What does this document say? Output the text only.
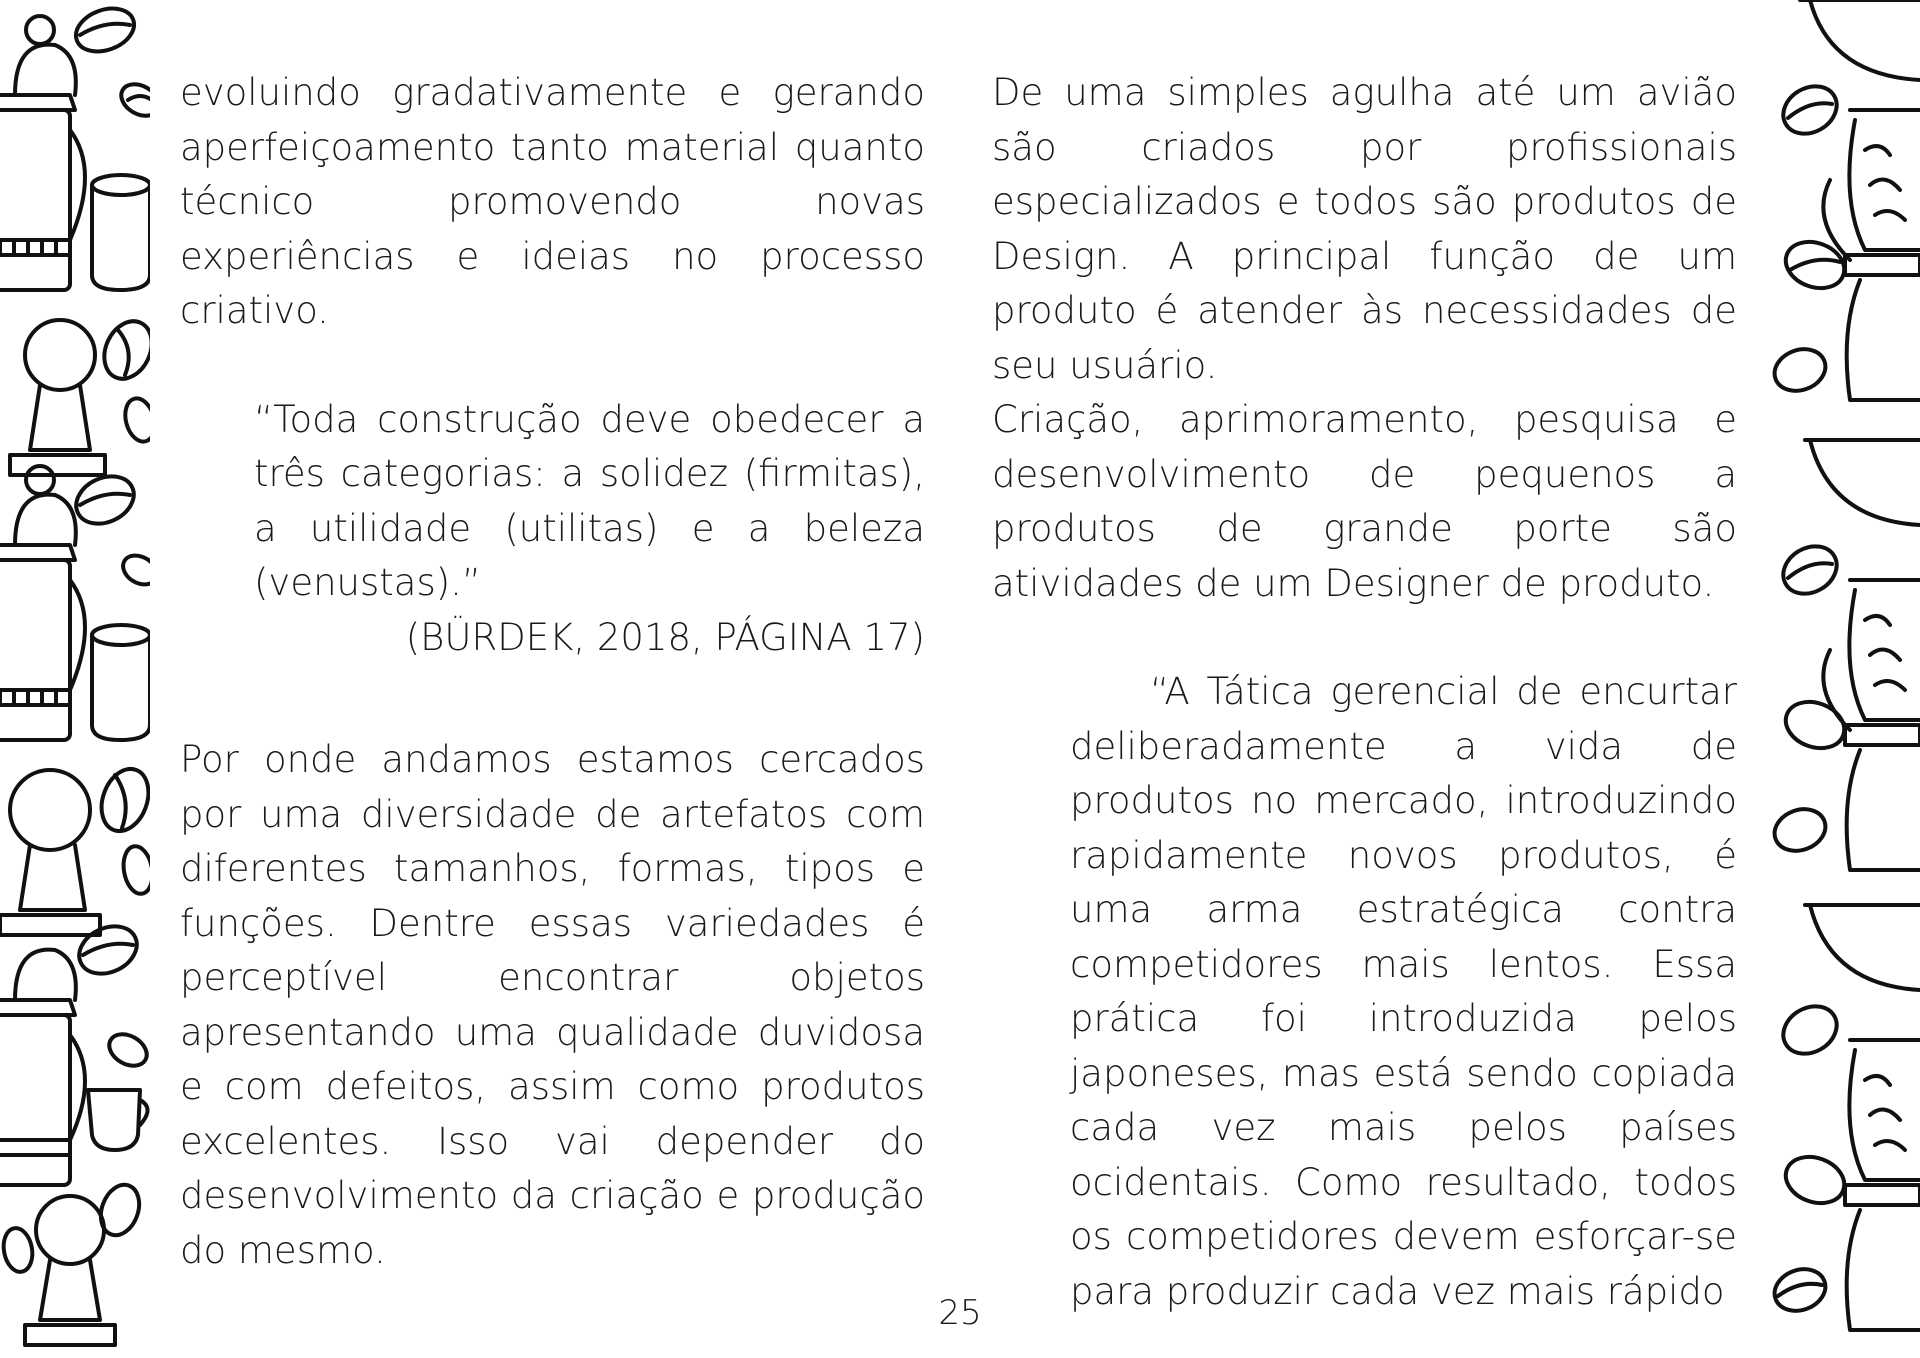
evoluindo gradativamente e gerando aperfeiçoamento tanto material quanto técnico promovendo novas experiências e ideias no processo criativo.

“Toda construção deve obedecer a três categorias: a solidez (firmitas), a utilidade (utilitas) e a beleza (venustas).”

(BÜRDEK, 2018, PÁGINA 17)

Por onde andamos estamos cercados por uma diversidade de artefatos com diferentes tamanhos, formas, tipos e funções. Dentre essas variedades é perceptível encontrar objetos apresentando uma qualidade duvidosa e com defeitos, assim como produtos excelentes. Isso vai depender do desenvolvimento da criação e produção do mesmo.

De uma simples agulha até um avião são criados por profissionais especializados e todos são produtos de Design. A principal função de um produto é atender às necessidades de seu usuário.

Criação, aprimoramento, pesquisa e desenvolvimento de pequenos a produtos de grande porte são atividades de um Designer de produto.

“A Tática gerencial de encurtar deliberadamente a vida de produtos no mercado, introduzindo rapidamente novos produtos, é uma arma estratégica contra competidores mais lentos. Essa prática foi introduzida pelos japoneses, mas está sendo copiada cada vez mais pelos países ocidentais. Como resultado, todos os competidores devem esforçar-se para produzir cada vez mais rápido

25
